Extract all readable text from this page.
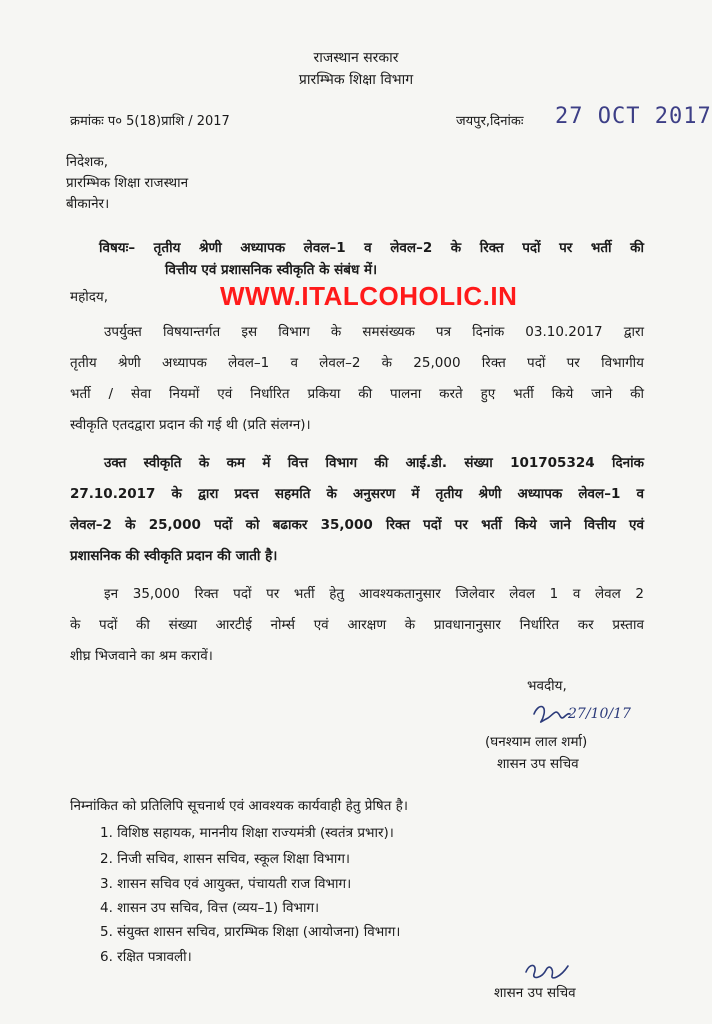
राजस्थान सरकार
प्रारम्भिक शिक्षा विभाग
क्रमांकः प० 5(18)प्राशि / 2017	जयपुर,दिनांकः 27 OCT 2017
निदेशक,
प्रारम्भिक शिक्षा राजस्थान
बीकानेर।
विषयः– तृतीय श्रेणी अध्यापक लेवल–1 व लेवल–2 के रिक्त पदों पर भर्ती की
वित्तीय एवं प्रशासनिक स्वीकृति के संबंध में।
महोदय,	WWW.ITALCOHOLIC.IN
उपर्युक्त विषयान्तर्गत इस विभाग के समसंख्यक पत्र दिनांक 03.10.2017 द्वारा
तृतीय श्रेणी अध्यापक लेवल–1 व लेवल–2 के 25,000 रिक्त पदों पर विभागीय
भर्ती / सेवा नियमों एवं निर्धारित प्रकिया की पालना करते हुए भर्ती किये जाने की
स्वीकृति एतदद्वारा प्रदान की गई थी (प्रति संलग्न)।
उक्त स्वीकृति के कम में वित्त विभाग की आई.डी. संख्या 101705324 दिनांक
27.10.2017 के द्वारा प्रदत्त सहमति के अनुसरण में तृतीय श्रेणी अध्यापक लेवल–1 व
लेवल–2 के 25,000 पदों को बढाकर 35,000 रिक्त पदों पर भर्ती किये जाने वित्तीय एवं
प्रशासनिक की स्वीकृति प्रदान की जाती है।
इन 35,000 रिक्त पदों पर भर्ती हेतु आवश्यकतानुसार जिलेवार लेवल 1 व लेवल 2
के पदों की संख्या आरटीई नोर्म्स एवं आरक्षण के प्रावधानानुसार निर्धारित कर प्रस्ताव
शीघ्र भिजवाने का श्रम करावें।
भवदीय,
27/10/17
(घनश्याम लाल शर्मा)
शासन उप सचिव
निम्नांकित को प्रतिलिपि सूचनार्थ एवं आवश्यक कार्यवाही हेतु प्रेषित है।
1. विशिष्ठ सहायक, माननीय शिक्षा राज्यमंत्री (स्वतंत्र प्रभार)।
2. निजी सचिव, शासन सचिव, स्कूल शिक्षा विभाग।
3. शासन सचिव एवं आयुक्त, पंचायती राज विभाग।
4. शासन उप सचिव, वित्त (व्यय–1) विभाग।
5. संयुक्त शासन सचिव, प्रारम्भिक शिक्षा (आयोजना) विभाग।
6. रक्षित पत्रावली।
शासन उप सचिव
